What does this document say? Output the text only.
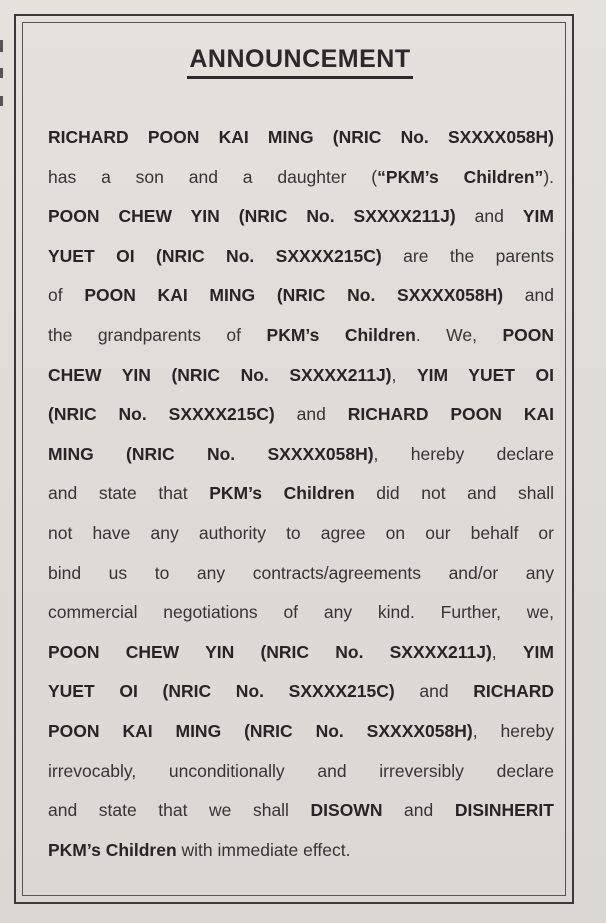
ANNOUNCEMENT
RICHARD POON KAI MING (NRIC No. SXXXX058H)
has a son and a daughter (“PKM’s Children”).
POON CHEW YIN (NRIC No. SXXXX211J) and YIM
YUET OI (NRIC No. SXXXX215C) are the parents
of POON KAI MING (NRIC No. SXXXX058H) and
the grandparents of PKM’s Children. We, POON
CHEW YIN (NRIC No. SXXXX211J), YIM YUET OI
(NRIC No. SXXXX215C) and RICHARD POON KAI
MING (NRIC No. SXXXX058H), hereby declare
and state that PKM’s Children did not and shall
not have any authority to agree on our behalf or
bind us to any contracts/agreements and/or any
commercial negotiations of any kind. Further, we,
POON CHEW YIN (NRIC No. SXXXX211J), YIM
YUET OI (NRIC No. SXXXX215C) and RICHARD
POON KAI MING (NRIC No. SXXXX058H), hereby
irrevocably, unconditionally and irreversibly declare
and state that we shall DISOWN and DISINHERIT
PKM’s Children with immediate effect.
